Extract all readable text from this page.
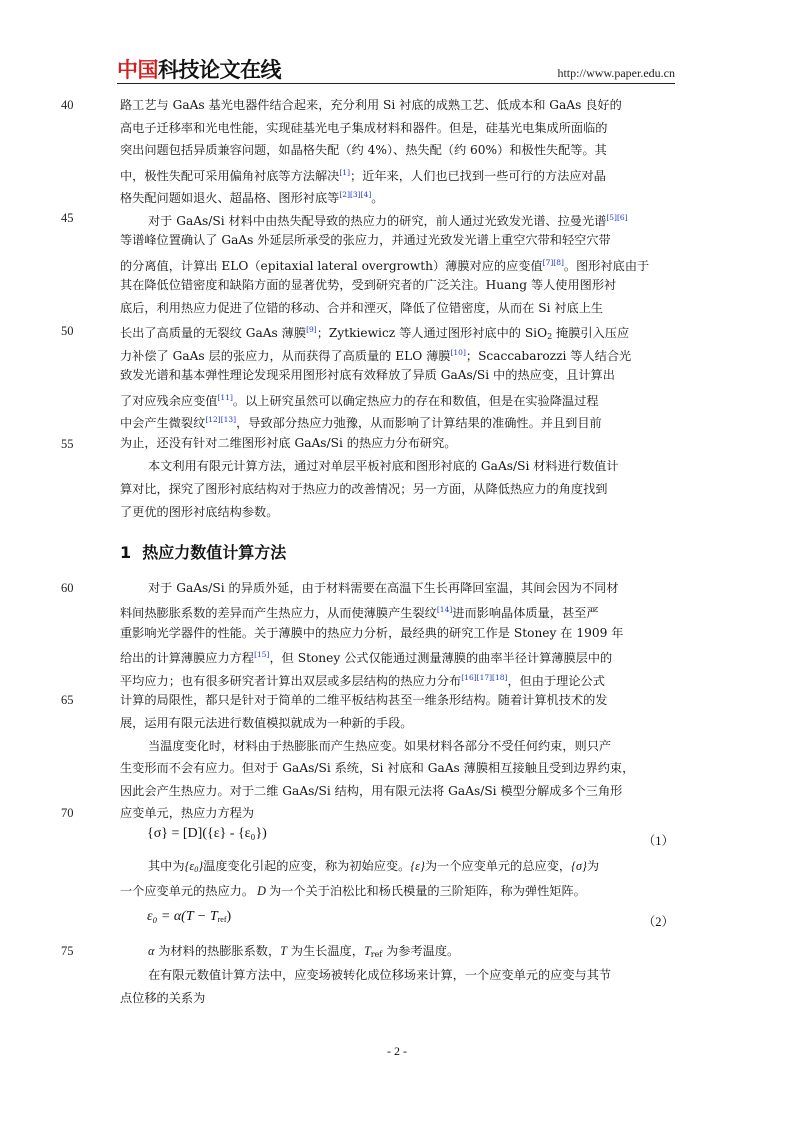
中国科技论文在线	http://www.paper.edu.cn
40
45
50
55
60
65
70
75
路工艺与 GaAs 基光电器件结合起来，充分利用 Si 衬底的成熟工艺、低成本和 GaAs 良好的
高电子迁移率和光电性能，实现硅基光电子集成材料和器件。但是，硅基光电集成所面临的
突出问题包括异质兼容问题，如晶格失配（约 4%）、热失配（约 60%）和极性失配等。其
中，极性失配可采用偏角衬底等方法解决[1]；近年来，人们也已找到一些可行的方法应对晶
格失配问题如退火、超晶格、图形衬底等[2][3][4]。
对于 GaAs/Si 材料中由热失配导致的热应力的研究，前人通过光致发光谱、拉曼光谱[5][6]
等谱峰位置确认了 GaAs 外延层所承受的张应力，并通过光致发光谱上重空穴带和轻空穴带
的分离值，计算出 ELO（epitaxial lateral overgrowth）薄膜对应的应变值[7][8]。图形衬底由于
其在降低位错密度和缺陷方面的显著优势，受到研究者的广泛关注。Huang 等人使用图形衬
底后，利用热应力促进了位错的移动、合并和湮灭，降低了位错密度，从而在 Si 衬底上生
长出了高质量的无裂纹 GaAs 薄膜[9]；Zytkiewicz 等人通过图形衬底中的 SiO$_2$ 掩膜引入压应
力补偿了 GaAs 层的张应力，从而获得了高质量的 ELO 薄膜[10]；Scaccabarozzi 等人结合光
致发光谱和基本弹性理论发现采用图形衬底有效释放了异质 GaAs/Si 中的热应变，且计算出
了对应残余应变值[11]。以上研究虽然可以确定热应力的存在和数值，但是在实验降温过程
中会产生微裂纹[12][13]，导致部分热应力弛豫，从而影响了计算结果的准确性。并且到目前
为止，还没有针对二维图形衬底 GaAs/Si 的热应力分布研究。
本文利用有限元计算方法，通过对单层平板衬底和图形衬底的 GaAs/Si 材料进行数值计
算对比，探究了图形衬底结构对于热应力的改善情况；另一方面，从降低热应力的角度找到
了更优的图形衬底结构参数。
1 热应力数值计算方法
对于 GaAs/Si 的异质外延，由于材料需要在高温下生长再降回室温，其间会因为不同材
料间热膨胀系数的差异而产生热应力，从而使薄膜产生裂纹[14]进而影响晶体质量，甚至严
重影响光学器件的性能。关于薄膜中的热应力分析，最经典的研究工作是 Stoney 在 1909 年
给出的计算薄膜应力方程[15]，但 Stoney 公式仅能通过测量薄膜的曲率半径计算薄膜层中的
平均应力；也有很多研究者计算出双层或多层结构的热应力分布[16][17][18]，但由于理论公式
计算的局限性，都只是针对于简单的二维平板结构甚至一维条形结构。随着计算机技术的发
展，运用有限元法进行数值模拟就成为一种新的手段。
当温度变化时，材料由于热膨胀而产生热应变。如果材料各部分不受任何约束，则只产
生变形而不会有应力。但对于 GaAs/Si 系统，Si 衬底和 GaAs 薄膜相互接触且受到边界约束，
因此会产生热应力。对于二维 GaAs/Si 结构，用有限元法将 GaAs/Si 模型分解成多个三角形
应变单元，热应力方程为
{σ} = [D]({ε} - {ε₀})	（1）
其中为$\{\varepsilon_0\}$温度变化引起的应变，称为初始应变。{ε}为一个应变单元的总应变，{σ}为
一个应变单元的热应力。 D 为一个关于泊松比和杨氏模量的三阶矩阵，称为弹性矩阵。
$\varepsilon_0 = \alpha(T - T_{ref})$	（2）
α 为材料的热膨胀系数，T 为生长温度，$T_{ref}$ 为参考温度。
在有限元数值计算方法中，应变场被转化成位移场来计算，一个应变单元的应变与其节
点位移的关系为
- 2 -
